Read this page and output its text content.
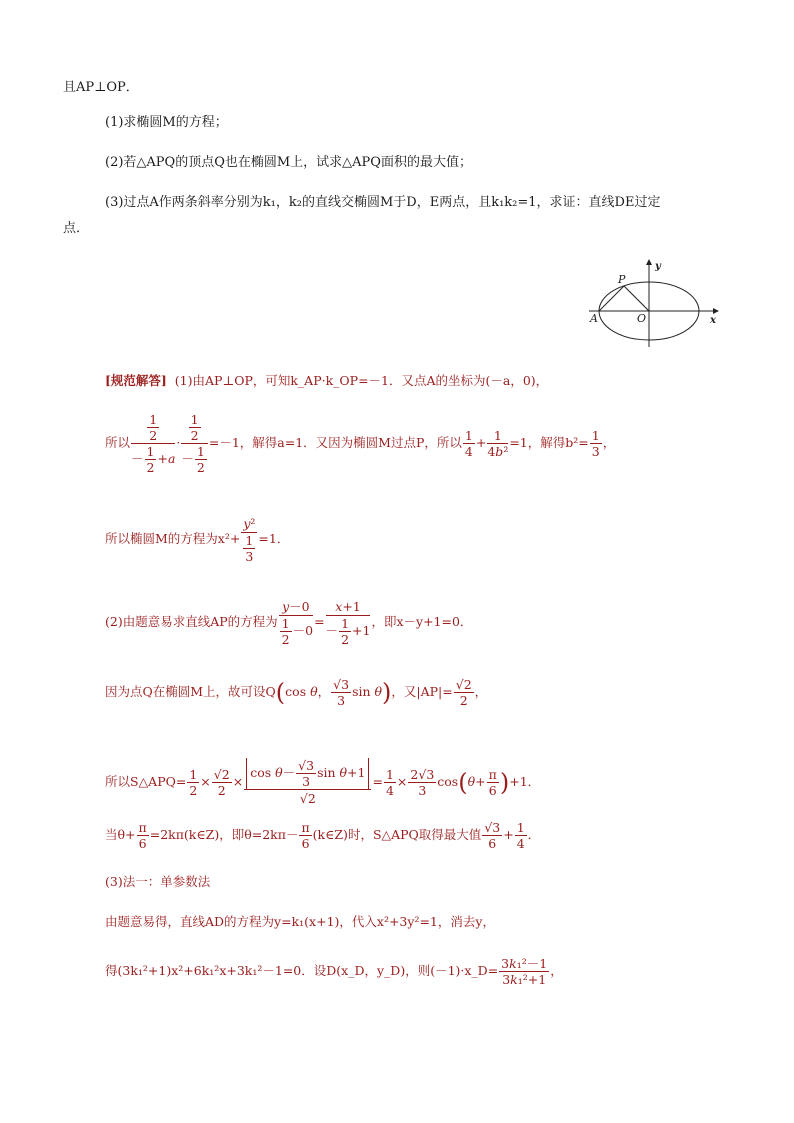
且AP⊥OP．
(1)求椭圆M的方程；
(2)若△APQ的顶点Q也在椭圆M上，试求△APQ面积的最大值；
(3)过点A作两条斜率分别为k₁，k₂的直线交椭圆M于D，E两点，且k₁k₂=1，求证：直线DE过定
点．
P
A	O	x
y
[规范解答] (1)由AP⊥OP，可知k_AP·k_OP=－1．又点A的坐标为(－a，0)，
所以 $\frac{\frac{1}{2}}{- \frac{1}{2} +a} \cdot \frac{\frac{1}{2}}{- \frac{1}{2}} =-1$，解得a=1．又因为椭圆M过点P，所以 $\frac{1}{4} + \frac{1}{\text{4b²}} =1$，解得$b^2= \frac{1}{3}$ ，
所以椭圆M的方程为$x^2+ \frac{\text{y²}}{\frac{1}{3}} =1$．
(2)由题意易求直线AP的方程为 $\frac{y-0}{\frac{1}{2} -0} = \frac{x+1}{- \frac{1}{2} +1}$ ，即x－y+1=0．
因为点Q在椭圆M上，故可设Q(cos θ， $\frac{√3}{3}$ sin θ)，又$|AP|= \frac{√2}{2}$ ，
所以S△APQ= $\frac{1}{2} \times \frac{√2}{2} \times \frac{\cos \theta- \frac{√3}{3} \sin \theta+1}{√2} = \frac{1}{4} \times \frac{2√3}{3} \cos(\theta+ \frac{\pi}{6} )+1$．
当$\theta+ \frac{\pi}{6}$ =2kπ(k∈Z)，即$\theta=2k\pi- \frac{\pi}{6}$ (k∈Z)时，S△APQ取得最大值 $\frac{√3}{6} + \frac{1}{4}$ ．
(3)法一：单参数法
由题意易得，直线AD的方程为y=k₁(x+1)，代入x²+3y²=1，消去y，
得(3k₁²+1)x²+6k₁²x+3k₁²－1=0．设D(x_D，y_D)，则(－1)·x_D= $\frac{\text{3k₁²－1}}{\text{3k₁²+1}}$ ，
